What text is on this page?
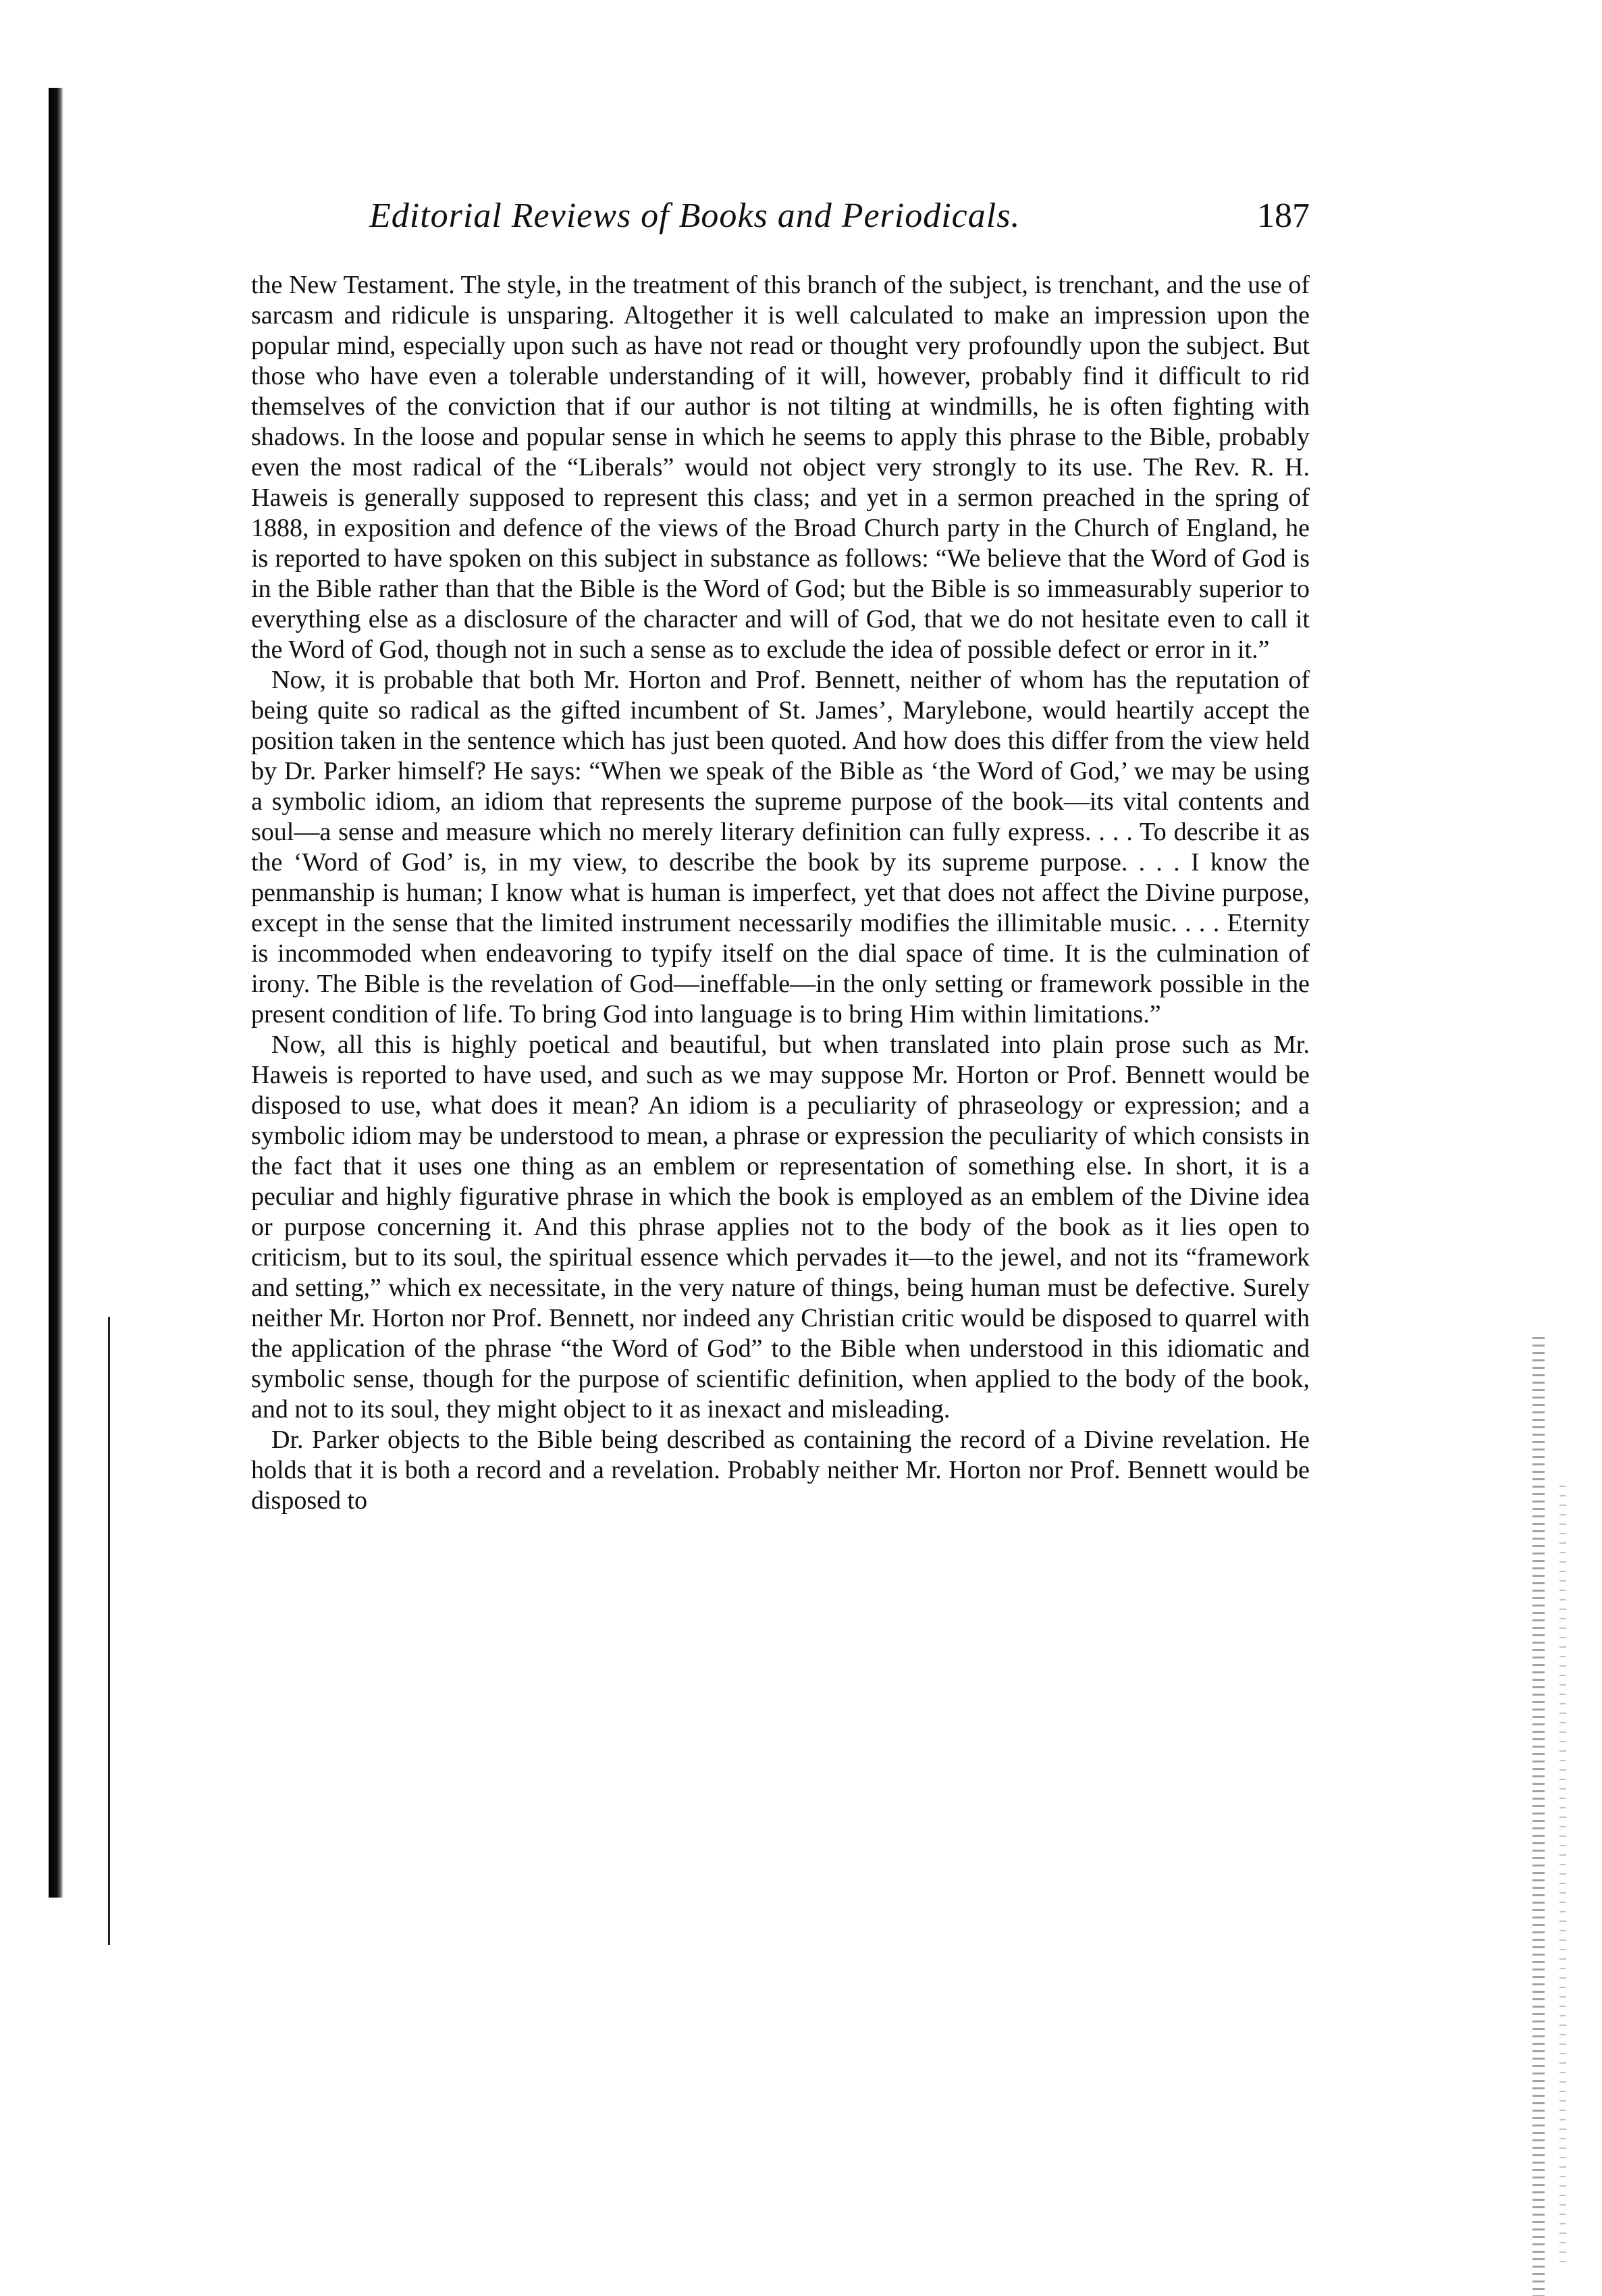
Editorial Reviews of Books and Periodicals.	187

the New Testament. The style, in the treatment of this branch of the subject, is trenchant, and the use of sarcasm and ridicule is unsparing. Altogether it is well calculated to make an impression upon the popular mind, especially upon such as have not read or thought very profoundly upon the subject. But those who have even a tolerable understanding of it will, however, probably find it difficult to rid themselves of the conviction that if our author is not tilting at windmills, he is often fighting with shadows. In the loose and popular sense in which he seems to apply this phrase to the Bible, probably even the most radical of the “Liberals” would not object very strongly to its use. The Rev. R. H. Haweis is generally supposed to represent this class; and yet in a sermon preached in the spring of 1888, in exposition and defence of the views of the Broad Church party in the Church of England, he is reported to have spoken on this subject in substance as follows: “We believe that the Word of God is in the Bible rather than that the Bible is the Word of God; but the Bible is so immeasurably superior to everything else as a disclosure of the character and will of God, that we do not hesitate even to call it the Word of God, though not in such a sense as to exclude the idea of possible defect or error in it.”

Now, it is probable that both Mr. Horton and Prof. Bennett, neither of whom has the reputation of being quite so radical as the gifted incumbent of St. James’, Marylebone, would heartily accept the position taken in the sentence which has just been quoted. And how does this differ from the view held by Dr. Parker himself? He says: “When we speak of the Bible as ‘the Word of God,’ we may be using a symbolic idiom, an idiom that represents the supreme purpose of the book—its vital contents and soul—a sense and measure which no merely literary definition can fully express. . . . To describe it as the ‘Word of God’ is, in my view, to describe the book by its supreme purpose. . . . I know the penmanship is human; I know what is human is imperfect, yet that does not affect the Divine purpose, except in the sense that the limited instrument necessarily modifies the illimitable music. . . . Eternity is incommoded when endeavoring to typify itself on the dial space of time. It is the culmination of irony. The Bible is the revelation of God—ineffable—in the only setting or framework possible in the present condition of life. To bring God into language is to bring Him within limitations.”

Now, all this is highly poetical and beautiful, but when translated into plain prose such as Mr. Haweis is reported to have used, and such as we may suppose Mr. Horton or Prof. Bennett would be disposed to use, what does it mean? An idiom is a peculiarity of phraseology or expression; and a symbolic idiom may be understood to mean, a phrase or expression the peculiarity of which consists in the fact that it uses one thing as an emblem or representation of something else. In short, it is a peculiar and highly figurative phrase in which the book is employed as an emblem of the Divine idea or purpose concerning it. And this phrase applies not to the body of the book as it lies open to criticism, but to its soul, the spiritual essence which pervades it—to the jewel, and not its “framework and setting,” which ex necessitate, in the very nature of things, being human must be defective. Surely neither Mr. Horton nor Prof. Bennett, nor indeed any Christian critic would be disposed to quarrel with the application of the phrase “the Word of God” to the Bible when understood in this idiomatic and symbolic sense, though for the purpose of scientific definition, when applied to the body of the book, and not to its soul, they might object to it as inexact and misleading.

Dr. Parker objects to the Bible being described as containing the record of a Divine revelation. He holds that it is both a record and a revelation. Probably neither Mr. Horton nor Prof. Bennett would be disposed to
